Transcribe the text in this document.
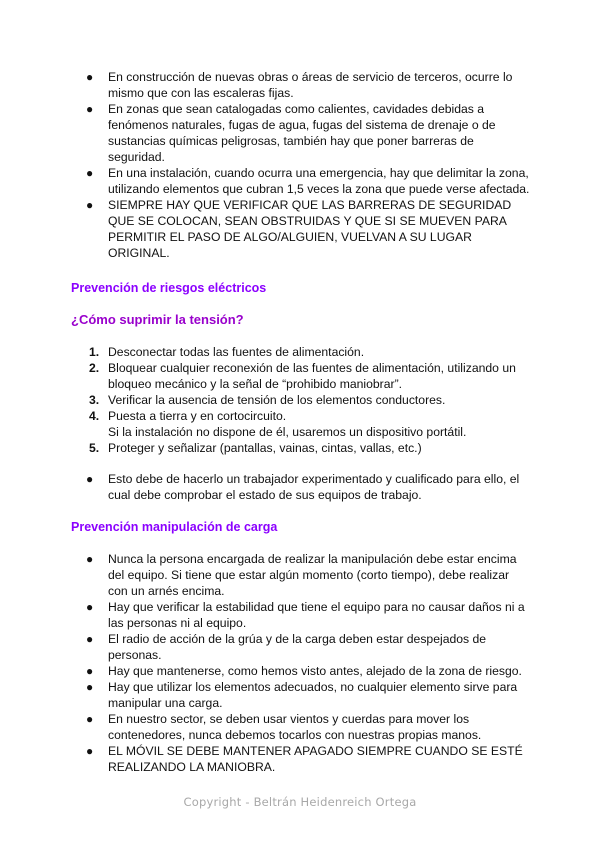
● En construcción de nuevas obras o áreas de servicio de terceros, ocurre lo mismo que con las escaleras fijas.
● En zonas que sean catalogadas como calientes, cavidades debidas a fenómenos naturales, fugas de agua, fugas del sistema de drenaje o de sustancias químicas peligrosas, también hay que poner barreras de seguridad.
● En una instalación, cuando ocurra una emergencia, hay que delimitar la zona, utilizando elementos que cubran 1,5 veces la zona que puede verse afectada.
● SIEMPRE HAY QUE VERIFICAR QUE LAS BARRERAS DE SEGURIDAD QUE SE COLOCAN, SEAN OBSTRUIDAS Y QUE SI SE MUEVEN PARA PERMITIR EL PASO DE ALGO/ALGUIEN, VUELVAN A SU LUGAR ORIGINAL.
Prevención de riesgos eléctricos
¿Cómo suprimir la tensión?
1. Desconectar todas las fuentes de alimentación.
2. Bloquear cualquier reconexión de las fuentes de alimentación, utilizando un bloqueo mecánico y la señal de “prohibido maniobrar”.
3. Verificar la ausencia de tensión de los elementos conductores.
4. Puesta a tierra y en cortocircuito.
Si la instalación no dispone de él, usaremos un dispositivo portátil.
5. Proteger y señalizar (pantallas, vainas, cintas, vallas, etc.)
● Esto debe de hacerlo un trabajador experimentado y cualificado para ello, el cual debe comprobar el estado de sus equipos de trabajo.
Prevención manipulación de carga
● Nunca la persona encargada de realizar la manipulación debe estar encima del equipo. Si tiene que estar algún momento (corto tiempo), debe realizar con un arnés encima.
● Hay que verificar la estabilidad que tiene el equipo para no causar daños ni a las personas ni al equipo.
● El radio de acción de la grúa y de la carga deben estar despejados de personas.
● Hay que mantenerse, como hemos visto antes, alejado de la zona de riesgo.
● Hay que utilizar los elementos adecuados, no cualquier elemento sirve para manipular una carga.
● En nuestro sector, se deben usar vientos y cuerdas para mover los contenedores, nunca debemos tocarlos con nuestras propias manos.
● EL MÓVIL SE DEBE MANTENER APAGADO SIEMPRE CUANDO SE ESTÉ REALIZANDO LA MANIOBRA.
Copyright - Beltrán Heidenreich Ortega
